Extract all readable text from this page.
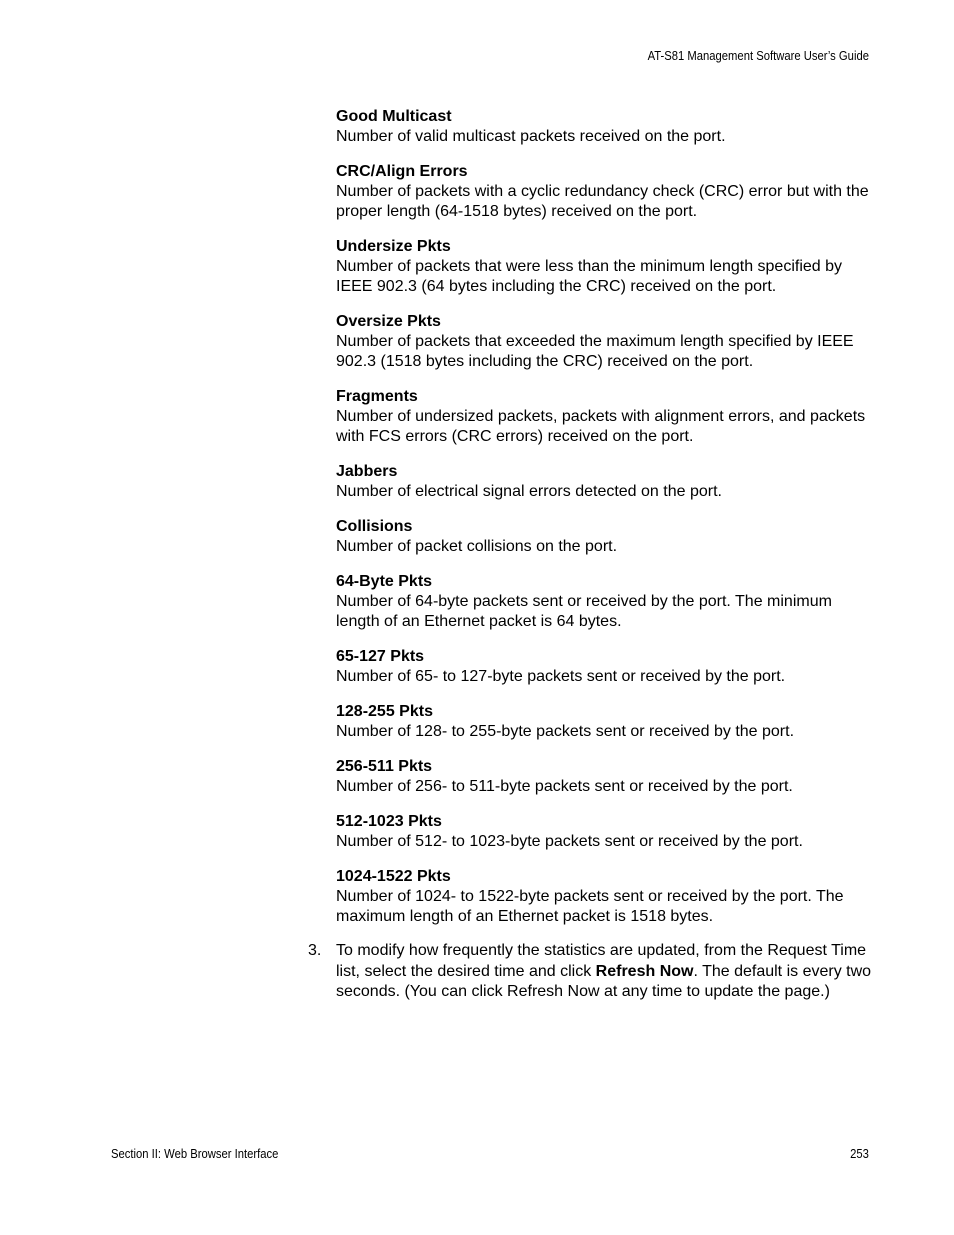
AT-S81 Management Software User’s Guide
Good Multicast
Number of valid multicast packets received on the port.
CRC/Align Errors
Number of packets with a cyclic redundancy check (CRC) error but with the proper length (64-1518 bytes) received on the port.
Undersize Pkts
Number of packets that were less than the minimum length specified by IEEE 902.3 (64 bytes including the CRC) received on the port.
Oversize Pkts
Number of packets that exceeded the maximum length specified by IEEE 902.3 (1518 bytes including the CRC) received on the port.
Fragments
Number of undersized packets, packets with alignment errors, and packets with FCS errors (CRC errors) received on the port.
Jabbers
Number of electrical signal errors detected on the port.
Collisions
Number of packet collisions on the port.
64-Byte Pkts
Number of 64-byte packets sent or received by the port. The minimum length of an Ethernet packet is 64 bytes.
65-127 Pkts
Number of 65- to 127-byte packets sent or received by the port.
128-255 Pkts
Number of 128- to 255-byte packets sent or received by the port.
256-511 Pkts
Number of 256- to 511-byte packets sent or received by the port.
512-1023 Pkts
Number of 512- to 1023-byte packets sent or received by the port.
1024-1522 Pkts
Number of 1024- to 1522-byte packets sent or received by the port. The maximum length of an Ethernet packet is 1518 bytes.
3. To modify how frequently the statistics are updated, from the Request Time list, select the desired time and click Refresh Now. The default is every two seconds. (You can click Refresh Now at any time to update the page.)
Section II: Web Browser Interface	253
